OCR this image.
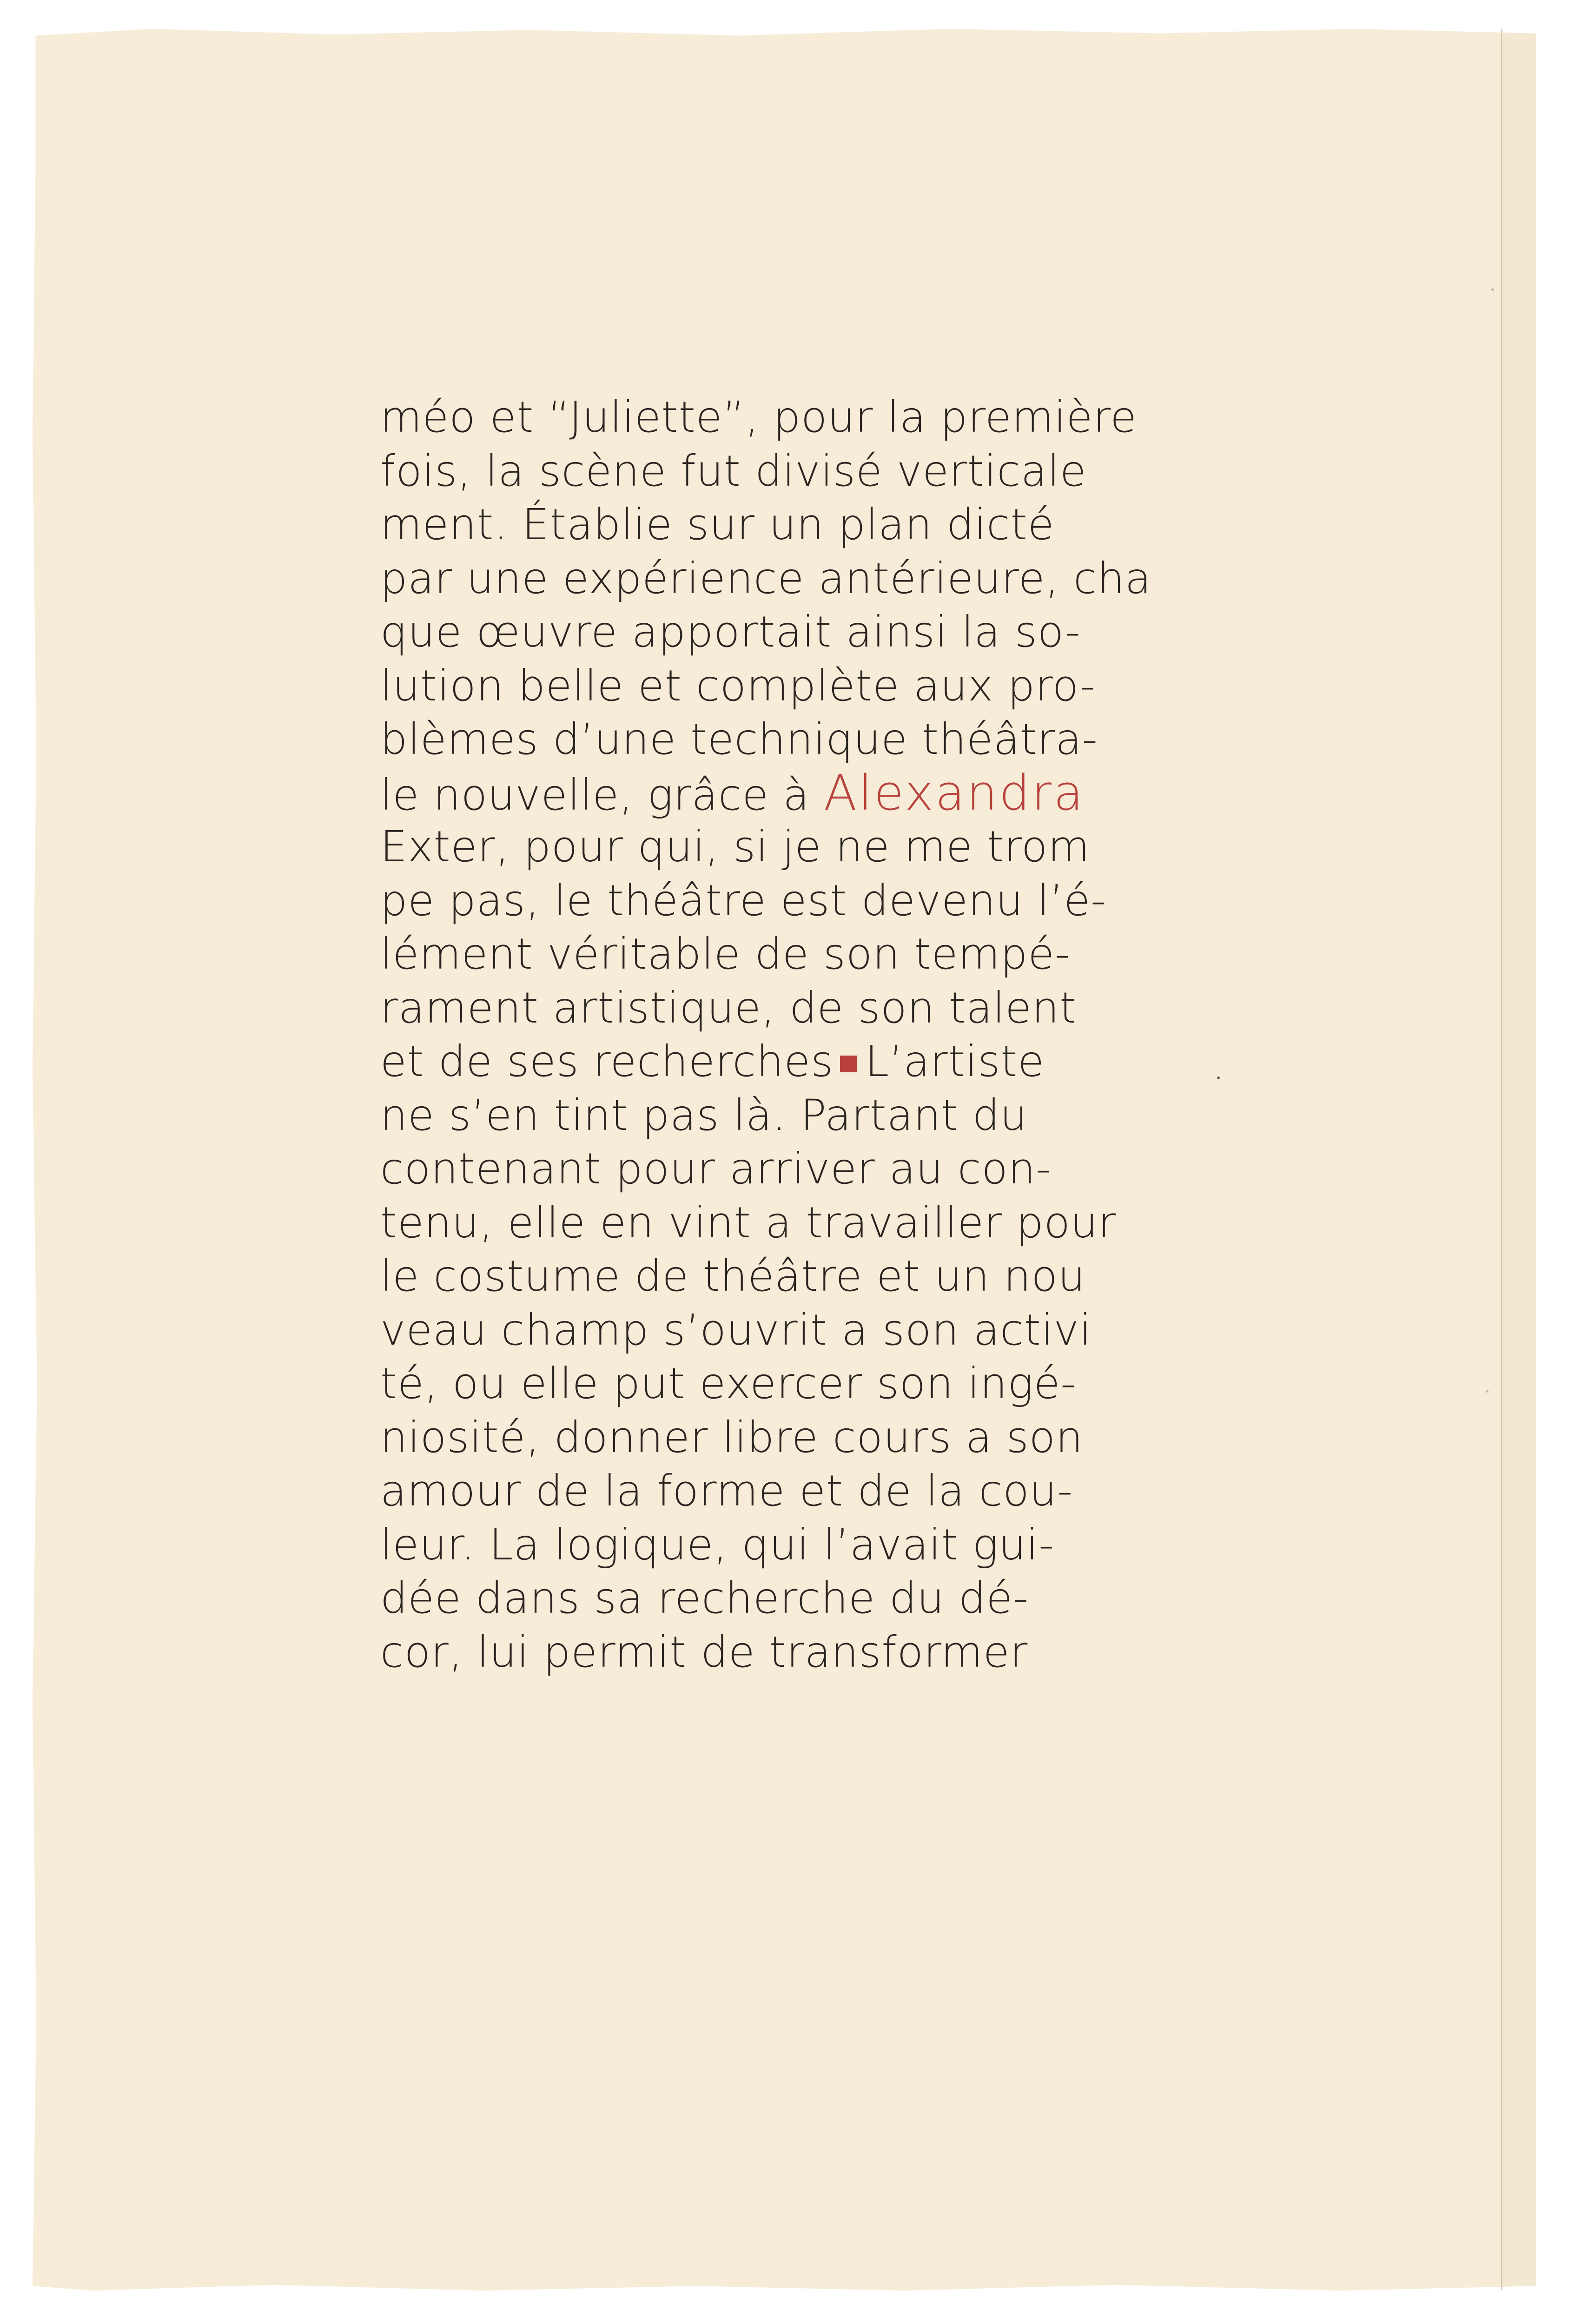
méo et “Juliette”, pour la première
fois, la scène fut divisé verticale
ment. Établie sur un plan dicté
par une expérience antérieure, cha
que œuvre apportait ainsi la so-
lution belle et complète aux pro-
blèmes d’une technique théâtra-
le nouvelle, grâce à Alexandra
Exter, pour qui, si je ne me trom
pe pas, le théâtre est devenu l’é-
lément véritable de son tempé-
rament artistique, de son talent
et de ses recherches L’artiste
ne s’en tint pas là. Partant du
contenant pour arriver au con-
tenu, elle en vint a travailler pour
le costume de théâtre et un nou
veau champ s’ouvrit a son activi
té, ou elle put exercer son ingé-
niosité, donner libre cours a son
amour de la forme et de la cou-
leur. La logique, qui l’avait gui-
dée dans sa recherche du dé-
cor, lui permit de transformer
